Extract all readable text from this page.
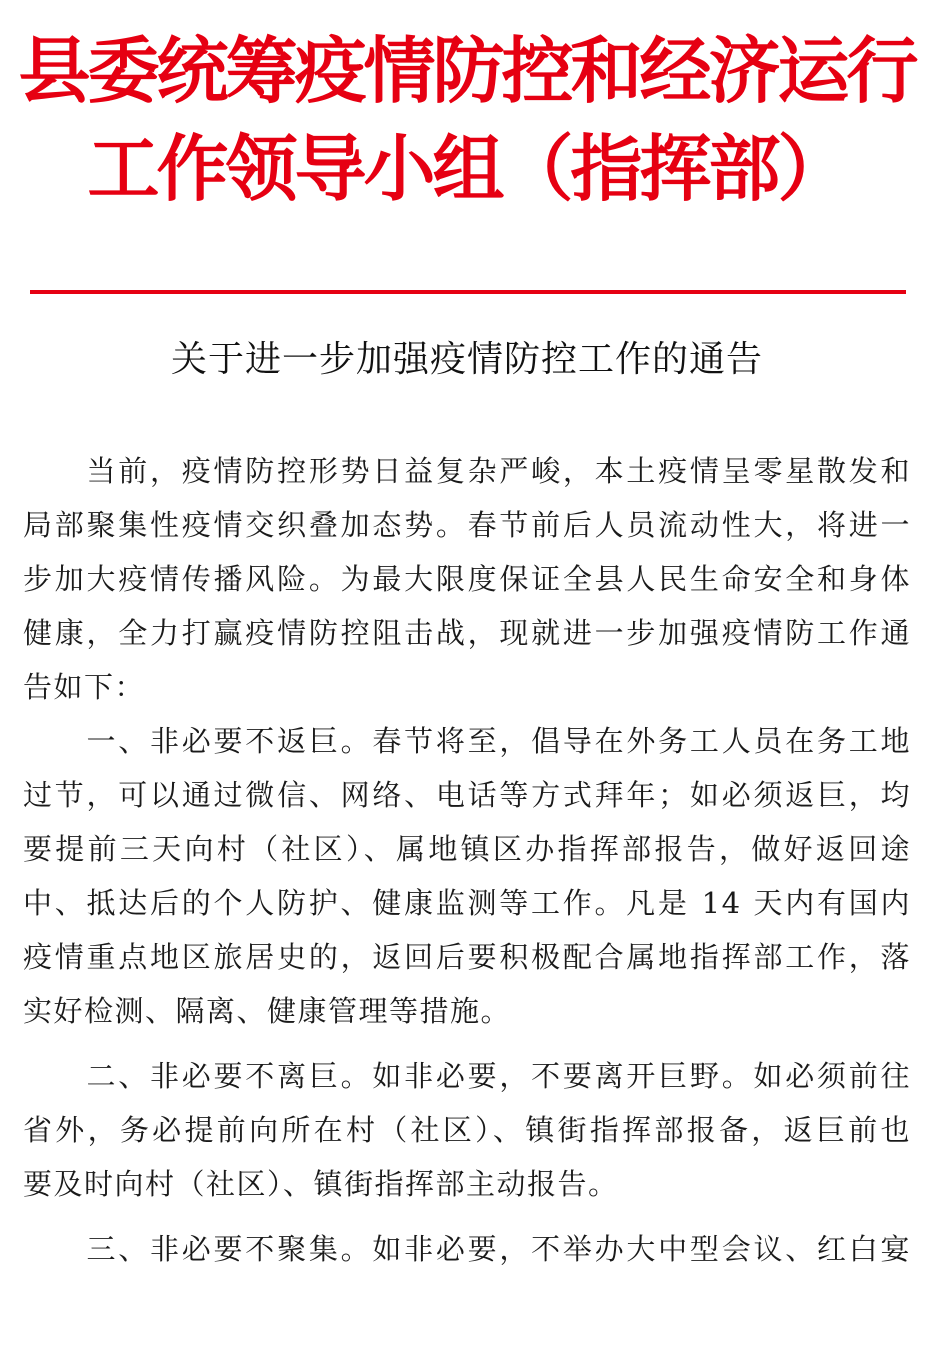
县委统筹疫情防控和经济运行
工作领导小组（指挥部）
关于进一步加强疫情防控工作的通告
　　当前，疫情防控形势日益复杂严峻，本土疫情呈零星散发和
局部聚集性疫情交织叠加态势。春节前后人员流动性大，将进一
步加大疫情传播风险。为最大限度保证全县人民生命安全和身体
健康，全力打赢疫情防控阻击战，现就进一步加强疫情防工作通
告如下：
　　一、非必要不返巨。春节将至，倡导在外务工人员在务工地
过节，可以通过微信、网络、电话等方式拜年；如必须返巨，均
要提前三天向村（社区）、属地镇区办指挥部报告，做好返回途
中、抵达后的个人防护、健康监测等工作。凡是 14 天内有国内
疫情重点地区旅居史的，返回后要积极配合属地指挥部工作，落
实好检测、隔离、健康管理等措施。
　　二、非必要不离巨。如非必要，不要离开巨野。如必须前往
省外，务必提前向所在村（社区）、镇街指挥部报备，返巨前也
要及时向村（社区）、镇街指挥部主动报告。
　　三、非必要不聚集。如非必要，不举办大中型会议、红白宴
